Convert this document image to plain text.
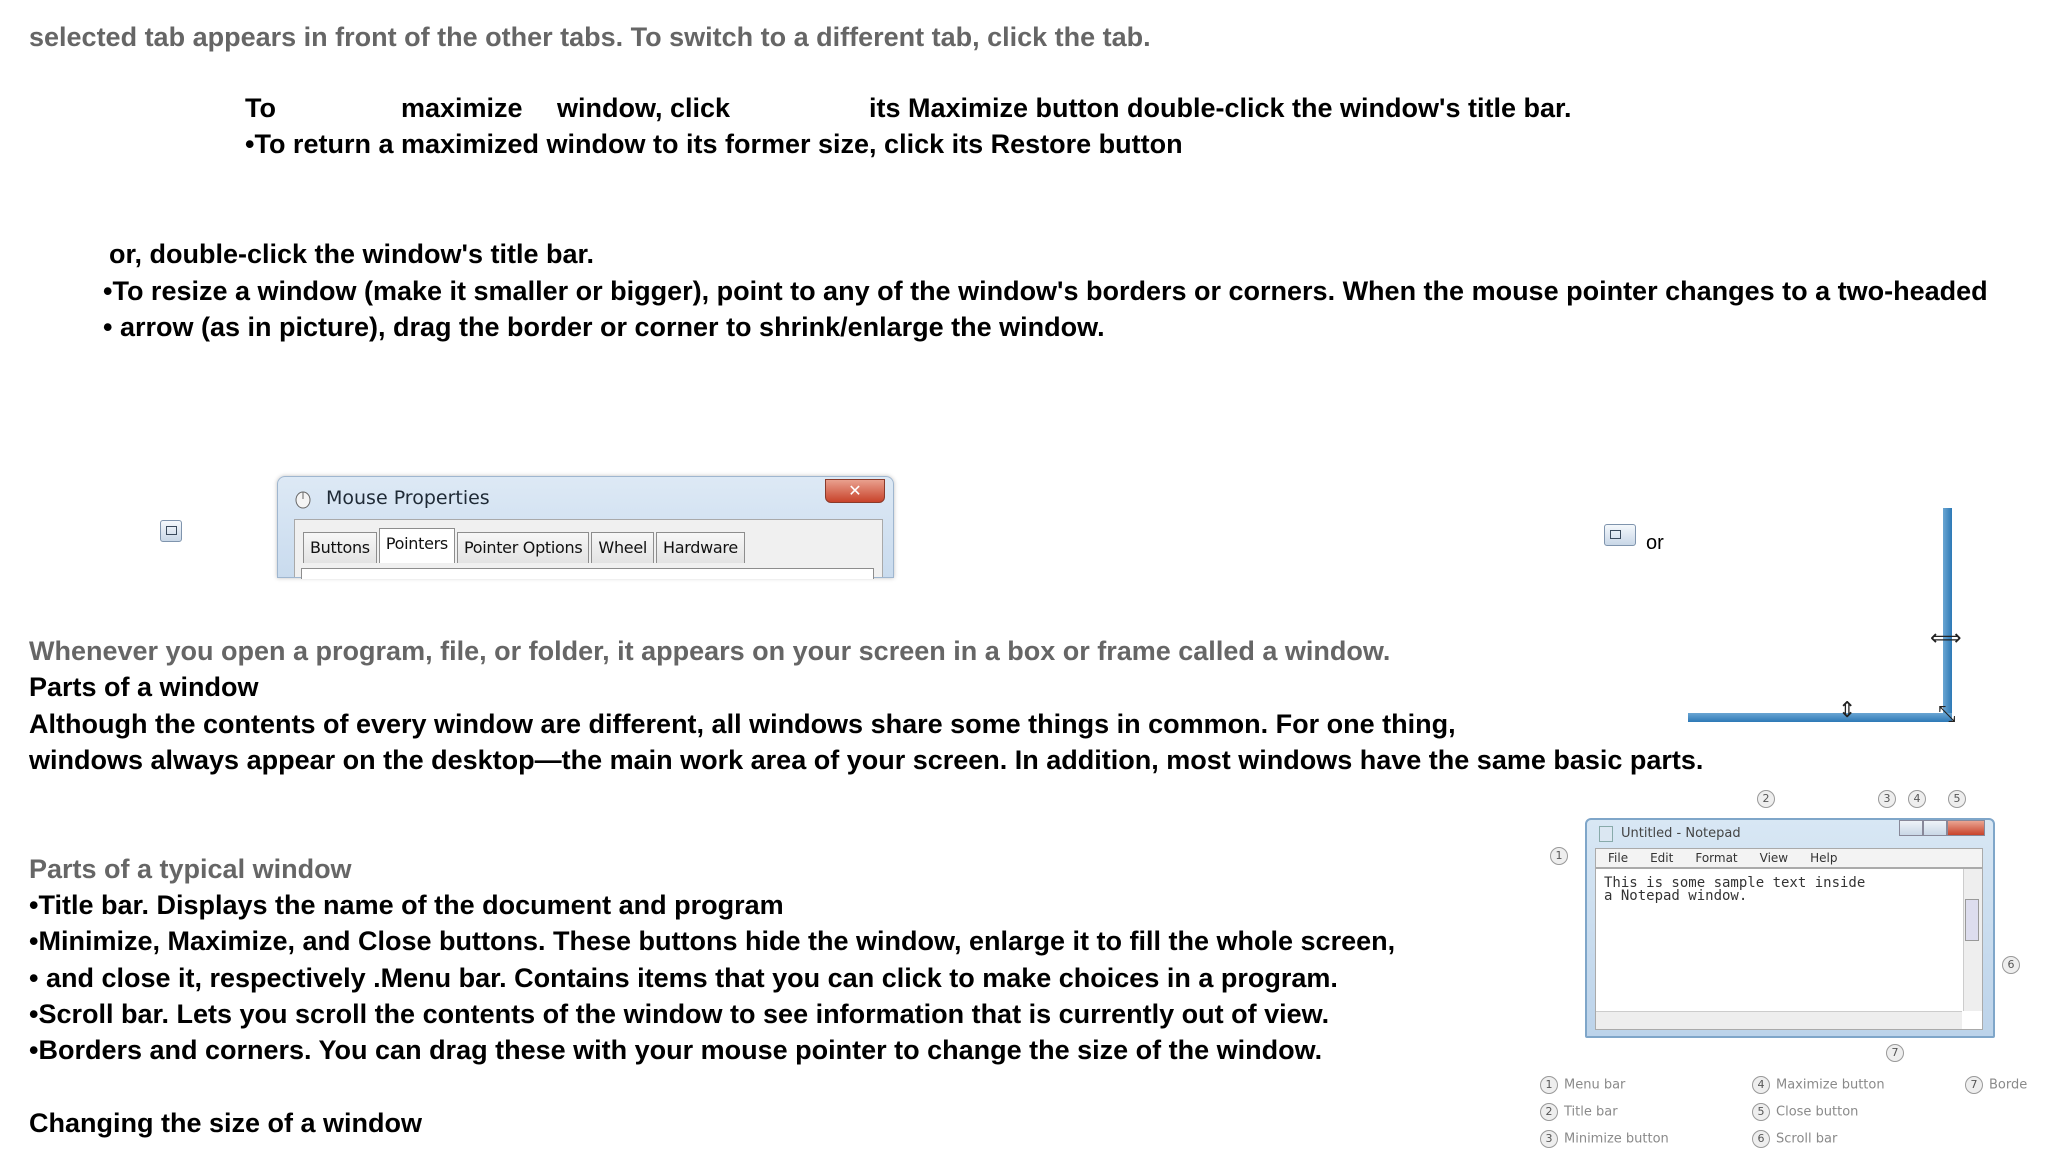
selected tab appears in front of the other tabs. To switch to a different tab, click the tab.
To	maximize window, click	its Maximize button double-click the window's title bar.
•To return a maximized window to its former size, click its Restore button
or, double-click the window's title bar.
•To resize a window (make it smaller or bigger), point to any of the window's borders or corners. When the mouse pointer changes to a two-headed
• arrow (as in picture), drag the border or corner to shrink/enlarge the window.
Mouse Properties	✕
Buttons	Pointers	Pointer Options	Wheel	Hardware	or
⟺
⇕	⤡
Whenever you open a program, file, or folder, it appears on your screen in a box or frame called a window.
Parts of a window
Although the contents of every window are different, all windows share some things in common. For one thing,
windows always appear on the desktop—the main work area of your screen. In addition, most windows have the same basic parts.
Parts of a typical window
•Title bar. Displays the name of the document and program
•Minimize, Maximize, and Close buttons. These buttons hide the window, enlarge it to fill the whole screen,
• and close it, respectively .Menu bar. Contains items that you can click to make choices in a program.
•Scroll bar. Lets you scroll the contents of the window to see information that is currently out of view.
•Borders and corners. You can drag these with your mouse pointer to change the size of the window.
Changing the size of a window
2	3	4	5
1
6
7
Untitled - Notepad
File Edit Format View Help
This is some sample text inside
a Notepad window.
1 Menu bar
2 Title bar
3 Minimize button
4 Maximize button
5 Close button
6 Scroll bar
7 Borde
